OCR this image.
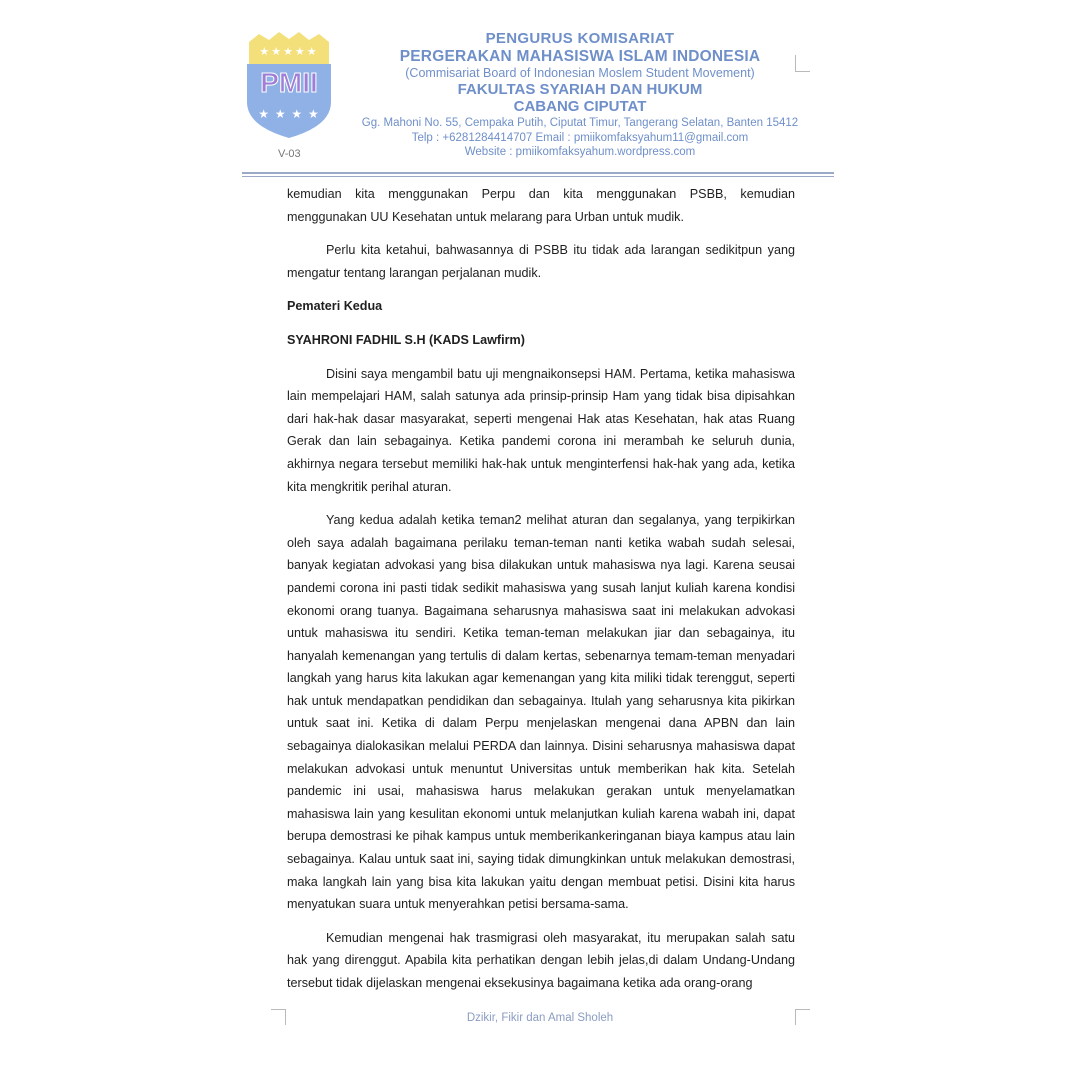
★★★★★
PMII
★ ★ ★ ★
V-03
PENGURUS KOMISARIAT
PERGERAKAN MAHASISWA ISLAM INDONESIA
(Commisariat Board of Indonesian Moslem Student Movement)
FAKULTAS SYARIAH DAN HUKUM
CABANG CIPUTAT
Gg. Mahoni No. 55, Cempaka Putih, Ciputat Timur, Tangerang Selatan, Banten 15412
Telp : +6281284414707 Email : pmiikomfaksyahum11@gmail.com
Website : pmiikomfaksyahum.wordpress.com

kemudian kita menggunakan Perpu dan kita menggunakan PSBB, kemudian menggunakan UU Kesehatan untuk melarang para Urban untuk mudik.

Perlu kita ketahui, bahwasannya di PSBB itu tidak ada larangan sedikitpun yang mengatur tentang larangan perjalanan mudik.

Pemateri Kedua

SYAHRONI FADHIL S.H (KADS Lawfirm)

Disini saya mengambil batu uji mengnaikonsepsi HAM. Pertama, ketika mahasiswa lain mempelajari HAM, salah satunya ada prinsip-prinsip Ham yang tidak bisa dipisahkan dari hak-hak dasar masyarakat, seperti mengenai Hak atas Kesehatan, hak atas Ruang Gerak dan lain sebagainya. Ketika pandemi corona ini merambah ke seluruh dunia, akhirnya negara tersebut memiliki hak-hak untuk menginterfensi hak-hak yang ada, ketika kita mengkritik perihal aturan.

Yang kedua adalah ketika teman2 melihat aturan dan segalanya, yang terpikirkan oleh saya adalah bagaimana perilaku teman-teman nanti ketika wabah sudah selesai, banyak kegiatan advokasi yang bisa dilakukan untuk mahasiswa nya lagi. Karena seusai pandemi corona ini pasti tidak sedikit mahasiswa yang susah lanjut kuliah karena kondisi ekonomi orang tuanya. Bagaimana seharusnya mahasiswa saat ini melakukan advokasi untuk mahasiswa itu sendiri. Ketika teman-teman melakukan jiar dan sebagainya, itu hanyalah kemenangan yang tertulis di dalam kertas, sebenarnya temam-teman menyadari langkah yang harus kita lakukan agar kemenangan yang kita miliki tidak terenggut, seperti hak untuk mendapatkan pendidikan dan sebagainya. Itulah yang seharusnya kita pikirkan untuk saat ini. Ketika di dalam Perpu menjelaskan mengenai dana APBN dan lain sebagainya dialokasikan melalui PERDA dan lainnya. Disini seharusnya mahasiswa dapat melakukan advokasi untuk menuntut Universitas untuk memberikan hak kita. Setelah pandemic ini usai, mahasiswa harus melakukan gerakan untuk menyelamatkan mahasiswa lain yang kesulitan ekonomi untuk melanjutkan kuliah karena wabah ini, dapat berupa demostrasi ke pihak kampus untuk memberikankeringanan biaya kampus atau lain sebagainya. Kalau untuk saat ini, saying tidak dimungkinkan untuk melakukan demostrasi, maka langkah lain yang bisa kita lakukan yaitu dengan membuat petisi. Disini kita harus menyatukan suara untuk menyerahkan petisi bersama-sama.

Kemudian mengenai hak trasmigrasi oleh masyarakat, itu merupakan salah satu hak yang direnggut. Apabila kita perhatikan dengan lebih jelas,di dalam Undang-Undang tersebut tidak dijelaskan mengenai eksekusinya bagaimana ketika ada orang-orang

Dzikir, Fikir dan Amal Sholeh
